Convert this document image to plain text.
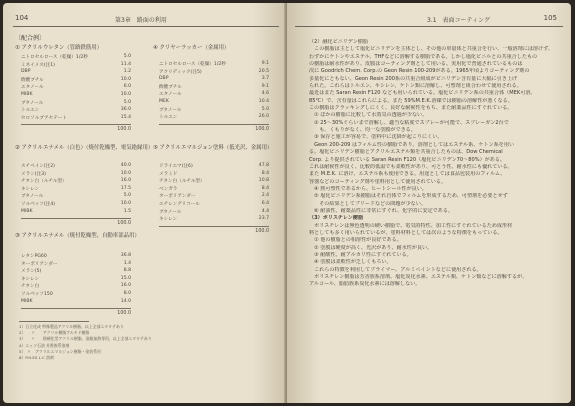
104	第3章　路面の利用
〔配合例〕
① アクリルウレタン（管路鉄筋用）
ニトロセルロース（乾燥）1/2秒	5.0
ミネイメス(注1)	11.4
DBP	1.2
酢酸ブチル	10.0
エタノール	6.0
MIBK	10.0
ブタノール	5.0
トルエン	36.0
セロソルブアセテート	15.4
100.0
② アクリルエナメル（白色）（焼付乾燥型、電気絶縁用）
スチペイン(注2)	40.0
メラン(注3)	10.0
チタン白（ルチル型）	16.0
キシレン	17.5
ブタノール	5.0
ソルベッソ(注4)	10.0
MIBK	1.5
100.0
③ アクリルエナメル（焼付乾燥型、自動車部品用）
レタンPG60	36.8
ターボリアンダー	1.4
メラン(5)	8.8
キシレン	15.0
チタン白	16.0
ソルベッソ150	8.0
MIBK	14.0
100.0
④ クリヤーラッカー（金属用）
ニトロセルロース（乾燥）1/2秒	9.1
アクリディック(注5)	20.5
DBP	3.7
酢酸ブチル	9.1
エタノール	4.6
MEK	10.4
ブタノール	5.0
トルエン	26.0
100.0
⑤ アクリルエマルジョン塗料（低光沢、金属用）
ドライエマ(注6)	47.8
メラミド	8.4
チタン白（ルチル型）	10.8
ベンガラ	8.4
ターボリアンダー	2.4
エチレングリコール	6.4
ブタノール	4.4
キシレン	23.7
100.0
1）日立化成 特殊製品アクリル樹脂、以上全部エタタテあり
2）　　〃　　アクリル樹脂アルキド樹脂
3）　　〃　　熱硬化型アクリル樹脂、油脂加熱専用、以上全部エタタテあり
4）エッソ石油 芳香族系溶剤
5）　〃　アクリルエマルジョン樹脂・塗装系用
6）P.H.ES L.C 溶剤
3.1　表面コーティング	105

（2）融化ビニリデン樹脂

　この樹脂は主として塩化ビニリデンを主体とし、その他の単量体と共重合を行い、一般溶剤には溶けず、

わずかにケトンやエステル、THFなどに溶解する樹脂である。しかし塩化ビニルとの共重合したもの

の樹脂は耐水性があり、皮膜はコーティング剤として用いる。実用化で普通されているものは

次に Goodrich Chem. Corp.の Geon Resin 100-209がある。1965年頃よりコーティング剤の

多量化にともない、Geon Resin 200系の共重合組成がビニリデン含有量に大幅に引き上げ

られた。これらはトルエン、キシレン、ケトン類に溶解し、可塑剤と組合わせて使用される。

最近はまた Saran Resin F120 なども用いられている。塩化ビニリデン系の共重合体（MEK可溶、

85℃）で、含有量はこれらによる。また 59%M.E.K.溶媒では樹脂の溶解性が悪くなる。

この樹脂はクラッキングしにくく、良好な耐候性をもち、また耐薬品性にすぐれている。

　① ほかの樹脂に比較して水蒸気の透過が少ない。

　② 25〜30%ぐらいまで溶解し、適当な粘度でスプレーが可能で、スプレーガン2台で

　　も、くもりがなく、均一な塗膜ができる。

　③ 保存と施工が容易で、塗料中に沈降が起こりにくい。

　Geon 200-209 はフィルム性の樹脂であり、溶剤としてはエステル系、ケトン系を用い

る。塩化ビニリデン樹脂とアクリルエステル類を共重合したものは、Dow Chemical

Corp. より提供されている Saran Resin F120（塩化ビニリデン70〜80%）がある。

これは耐候性が良く、比較的低温でも柔軟性があり、可とう性、耐水性にも優れている。

また M.E.K. に溶け、エステル系も使用できる。用途としては食品包装用のフィルム、

容器などのコーティング剤や塗料用として使用されている。

　④ 熱可塑性であるから、ヒートシール性が良い。

　⑤ 塩化ビニリデン系樹脂はそれ自体でフィルムを形成するため、可塑剤を必要とせず

　　その結果としてブリードなどの問題が少ない。

　⑥ 耐油性、耐薬品性に非常にすぐれ、化学的に安定である。

（3）ポリスチレン樹脂

　ポリスチレンは無色透明の硬い樹脂で、電気的特性、加工性にすぐれているため成形材

料としても多く用いられているが、塗料材料としては次のような特徴をもっている。

　① 他の樹脂との相溶性が良好である。

　② 塗膜は硬度が高く、光沢があり、耐水性が良い。

　③ 耐酸性、耐アルカリ性にすぐれている。

　④ 塗膜は柔軟性が乏しくもろい。

　これらの特徴を利用してプライマー、アルミペイントなどに使用される。

　ポリスチレン樹脂は芳香族系溶剤、塩化炭化水素、エステル類、ケトン類などに溶解するが、

アルコール、脂肪族系炭化水素には溶解しない。
